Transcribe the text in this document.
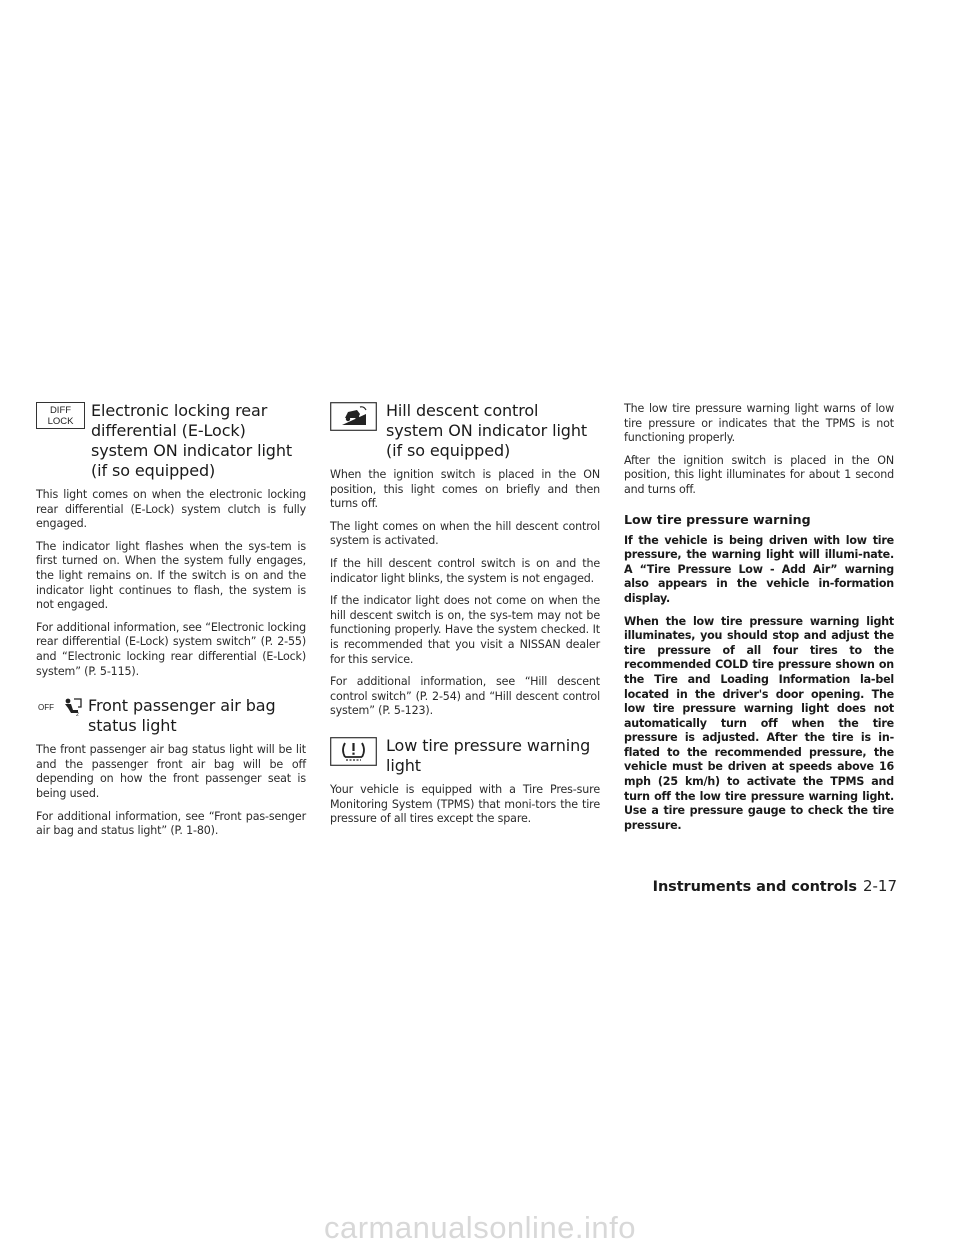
DIFF
LOCK
Electronic locking rear differential (E-Lock) system ON indicator light (if so equipped)

This light comes on when the electronic locking rear differential (E-Lock) system clutch is fully engaged.

The indicator light flashes when the sys-tem is first turned on. When the system fully engages, the light remains on. If the switch is on and the indicator light continues to flash, the system is not engaged.

For additional information, see “Electronic locking rear differential (E-Lock) system switch” (P. 2-55) and “Electronic locking rear differential (E-Lock) system” (P. 5-115).

OFF
2 Front passenger air bag status light

The front passenger air bag status light will be lit and the passenger front air bag will be off depending on how the front passenger seat is being used.

For additional information, see “Front pas-senger air bag and status light” (P. 1-80).

Hill descent control system ON indicator light (if so equipped)

When the ignition switch is placed in the ON position, this light comes on briefly and then turns off.

The light comes on when the hill descent control system is activated.

If the hill descent control switch is on and the indicator light blinks, the system is not engaged.

If the indicator light does not come on when the hill descent switch is on, the sys-tem may not be functioning properly. Have the system checked. It is recommended that you visit a NISSAN dealer for this service.

For additional information, see “Hill descent control switch” (P. 2-54) and “Hill descent control system” (P. 5-123).

Low tire pressure warning light

Your vehicle is equipped with a Tire Pres-sure Monitoring System (TPMS) that moni-tors the tire pressure of all tires except the spare.

The low tire pressure warning light warns of low tire pressure or indicates that the TPMS is not functioning properly.

After the ignition switch is placed in the ON position, this light illuminates for about 1 second and turns off.

Low tire pressure warning

If the vehicle is being driven with low tire pressure, the warning light will illumi-nate. A “Tire Pressure Low - Add Air” warning also appears in the vehicle in-formation display.

When the low tire pressure warning light illuminates, you should stop and adjust the tire pressure of all four tires to the recommended COLD tire pressure shown on the Tire and Loading Information la-bel located in the driver's door opening. The low tire pressure warning light does not automatically turn off when the tire pressure is adjusted. After the tire is in-flated to the recommended pressure, the vehicle must be driven at speeds above 16 mph (25 km/h) to activate the TPMS and turn off the low tire pressure warning light. Use a tire pressure gauge to check the tire pressure.

Instruments and controls 2-17
carmanualsonline.info
